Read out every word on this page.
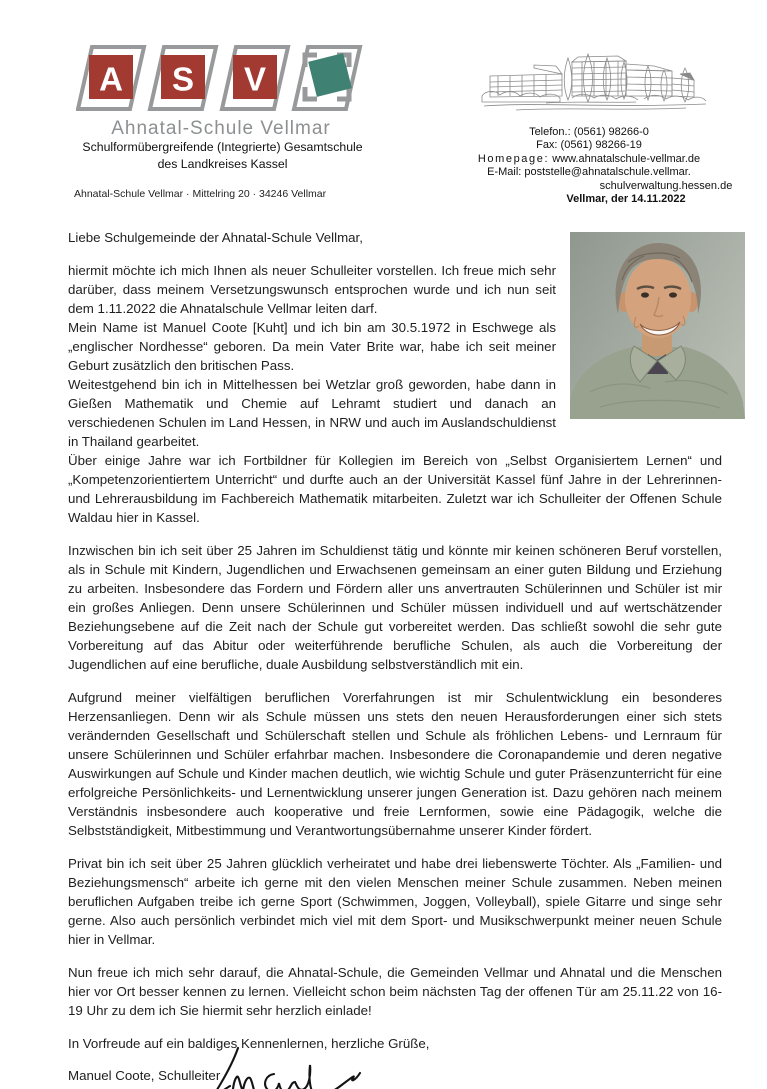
A S V
Ahnatal-Schule Vellmar
Schulformübergreifende (Integrierte) Gesamtschule
des Landkreises Kassel
Ahnatal-Schule Vellmar · Mittelring 20 · 34246 Vellmar
Telefon.: (0561) 98266-0
Fax: (0561) 98266-19
Homepage: www.ahnatalschule-vellmar.de
E-Mail: poststelle@ahnatalschule.vellmar.
schulverwaltung.hessen.de
Vellmar, der 14.11.2022
Liebe Schulgemeinde der Ahnatal-Schule Vellmar,
hiermit möchte ich mich Ihnen als neuer Schulleiter vorstellen. Ich freue mich sehr darüber, dass meinem Versetzungswunsch entsprochen wurde und ich nun seit dem 1.11.2022 die Ahnatalschule Vellmar leiten darf.
Mein Name ist Manuel Coote [Kuht] und ich bin am 30.5.1972 in Eschwege als „englischer Nordhesse“ geboren. Da mein Vater Brite war, habe ich seit meiner Geburt zusätzlich den britischen Pass.
Weitestgehend bin ich in Mittelhessen bei Wetzlar groß geworden, habe dann in Gießen Mathematik und Chemie auf Lehramt studiert und danach an verschiedenen Schulen im Land Hessen, in NRW und auch im Auslandschuldienst in Thailand gearbeitet.
Über einige Jahre war ich Fortbildner für Kollegien im Bereich von „Selbst Organisiertem Lernen“ und „Kompetenzorientiertem Unterricht“ und durfte auch an der Universität Kassel fünf Jahre in der Lehrerinnen- und Lehrerausbildung im Fachbereich Mathematik mitarbeiten. Zuletzt war ich Schulleiter der Offenen Schule Waldau hier in Kassel.
Inzwischen bin ich seit über 25 Jahren im Schuldienst tätig und könnte mir keinen schöneren Beruf vorstellen, als in Schule mit Kindern, Jugendlichen und Erwachsenen gemeinsam an einer guten Bildung und Erziehung zu arbeiten. Insbesondere das Fordern und Fördern aller uns anvertrauten Schülerinnen und Schüler ist mir ein großes Anliegen. Denn unsere Schülerinnen und Schüler müssen individuell und auf wertschätzender Beziehungsebene auf die Zeit nach der Schule gut vorbereitet werden. Das schließt sowohl die sehr gute Vorbereitung auf das Abitur oder weiterführende berufliche Schulen, als auch die Vorbereitung der Jugendlichen auf eine berufliche, duale Ausbildung selbstverständlich mit ein.
Aufgrund meiner vielfältigen beruflichen Vorerfahrungen ist mir Schulentwicklung ein besonderes Herzensanliegen. Denn wir als Schule müssen uns stets den neuen Herausforderungen einer sich stets verändernden Gesellschaft und Schülerschaft stellen und Schule als fröhlichen Lebens- und Lernraum für unsere Schülerinnen und Schüler erfahrbar machen. Insbesondere die Coronapandemie und deren negative Auswirkungen auf Schule und Kinder machen deutlich, wie wichtig Schule und guter Präsenzunterricht für eine erfolgreiche Persönlichkeits- und Lernentwicklung unserer jungen Generation ist. Dazu gehören nach meinem Verständnis insbesondere auch kooperative und freie Lernformen, sowie eine Pädagogik, welche die Selbstständigkeit, Mitbestimmung und Verantwortungsübernahme unserer Kinder fördert.
Privat bin ich seit über 25 Jahren glücklich verheiratet und habe drei liebenswerte Töchter. Als „Familien- und Beziehungsmensch“ arbeite ich gerne mit den vielen Menschen meiner Schule zusammen. Neben meinen beruflichen Aufgaben treibe ich gerne Sport (Schwimmen, Joggen, Volleyball), spiele Gitarre und singe sehr gerne. Also auch persönlich verbindet mich viel mit dem Sport- und Musikschwerpunkt meiner neuen Schule hier in Vellmar.
Nun freue ich mich sehr darauf, die Ahnatal-Schule, die Gemeinden Vellmar und Ahnatal und die Menschen hier vor Ort besser kennen zu lernen. Vielleicht schon beim nächsten Tag der offenen Tür am 25.11.22 von 16-19 Uhr zu dem ich Sie hiermit sehr herzlich einlade!
In Vorfreude auf ein baldiges Kennenlernen, herzliche Grüße,
Manuel Coote, Schulleiter
